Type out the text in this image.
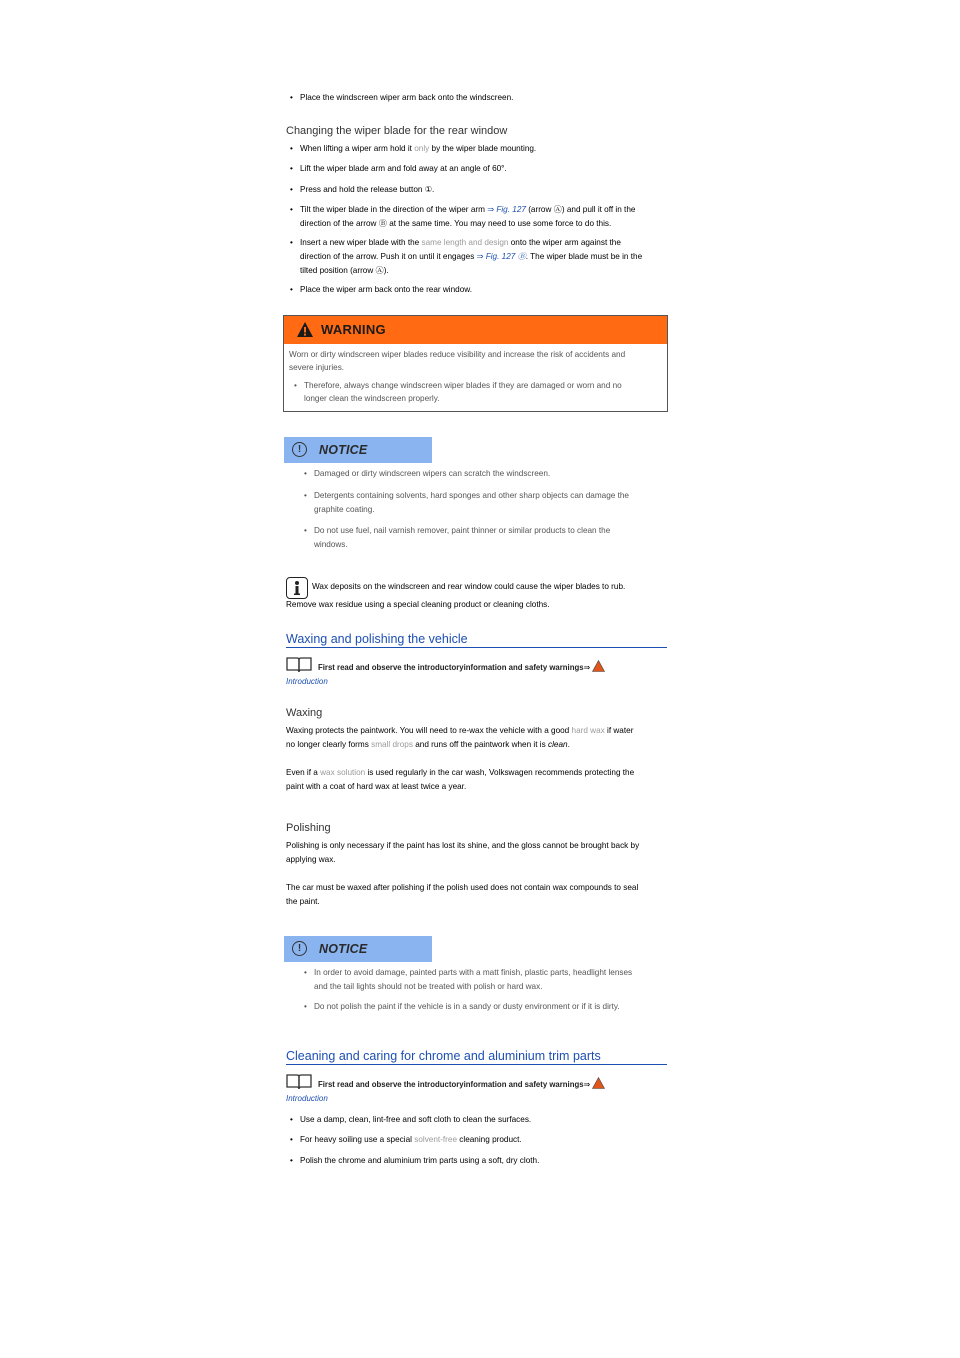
• Place the windscreen wiper arm back onto the windscreen.
Changing the wiper blade for the rear window
• When lifting a wiper arm hold it only by the wiper blade mounting.
• Lift the wiper blade arm and fold away at an angle of 60°.
• Press and hold the release button ①.
• Tilt the wiper blade in the direction of the wiper arm ⇒ Fig. 127 (arrow Ⓐ) and pull it off in the
direction of the arrow Ⓑ at the same time. You may need to use some force to do this.
• Insert a new wiper blade with the same length and design onto the wiper arm against the
direction of the arrow. Push it on until it engages ⇒ Fig. 127 Ⓑ. The wiper blade must be in the
tilted position (arrow Ⓐ).
• Place the wiper arm back onto the rear window.
WARNING
Worn or dirty windscreen wiper blades reduce visibility and increase the risk of accidents and
severe injuries.
• Therefore, always change windscreen wiper blades if they are damaged or worn and no
longer clean the windscreen properly.
!	NOTICE
• Damaged or dirty windscreen wipers can scratch the windscreen.
• Detergents containing solvents, hard sponges and other sharp objects can damage the
graphite coating.
• Do not use fuel, nail varnish remover, paint thinner or similar products to clean the
windows.
Wax deposits on the windscreen and rear window could cause the wiper blades to rub.
Remove wax residue using a special cleaning product or cleaning cloths.
Waxing and polishing the vehicle
First read and observe the introductoryinformation and safety warnings⇒
Introduction
Waxing
Waxing protects the paintwork. You will need to re-wax the vehicle with a good hard wax if water
no longer clearly forms small drops and runs off the paintwork when it is clean.
Even if a wax solution is used regularly in the car wash, Volkswagen recommends protecting the
paint with a coat of hard wax at least twice a year.
Polishing
Polishing is only necessary if the paint has lost its shine, and the gloss cannot be brought back by
applying wax.
The car must be waxed after polishing if the polish used does not contain wax compounds to seal
the paint.
!	NOTICE
• In order to avoid damage, painted parts with a matt finish, plastic parts, headlight lenses
and the tail lights should not be treated with polish or hard wax.
• Do not polish the paint if the vehicle is in a sandy or dusty environment or if it is dirty.
Cleaning and caring for chrome and aluminium trim parts
First read and observe the introductoryinformation and safety warnings⇒
Introduction
• Use a damp, clean, lint-free and soft cloth to clean the surfaces.
• For heavy soiling use a special solvent-free cleaning product.
• Polish the chrome and aluminium trim parts using a soft, dry cloth.
